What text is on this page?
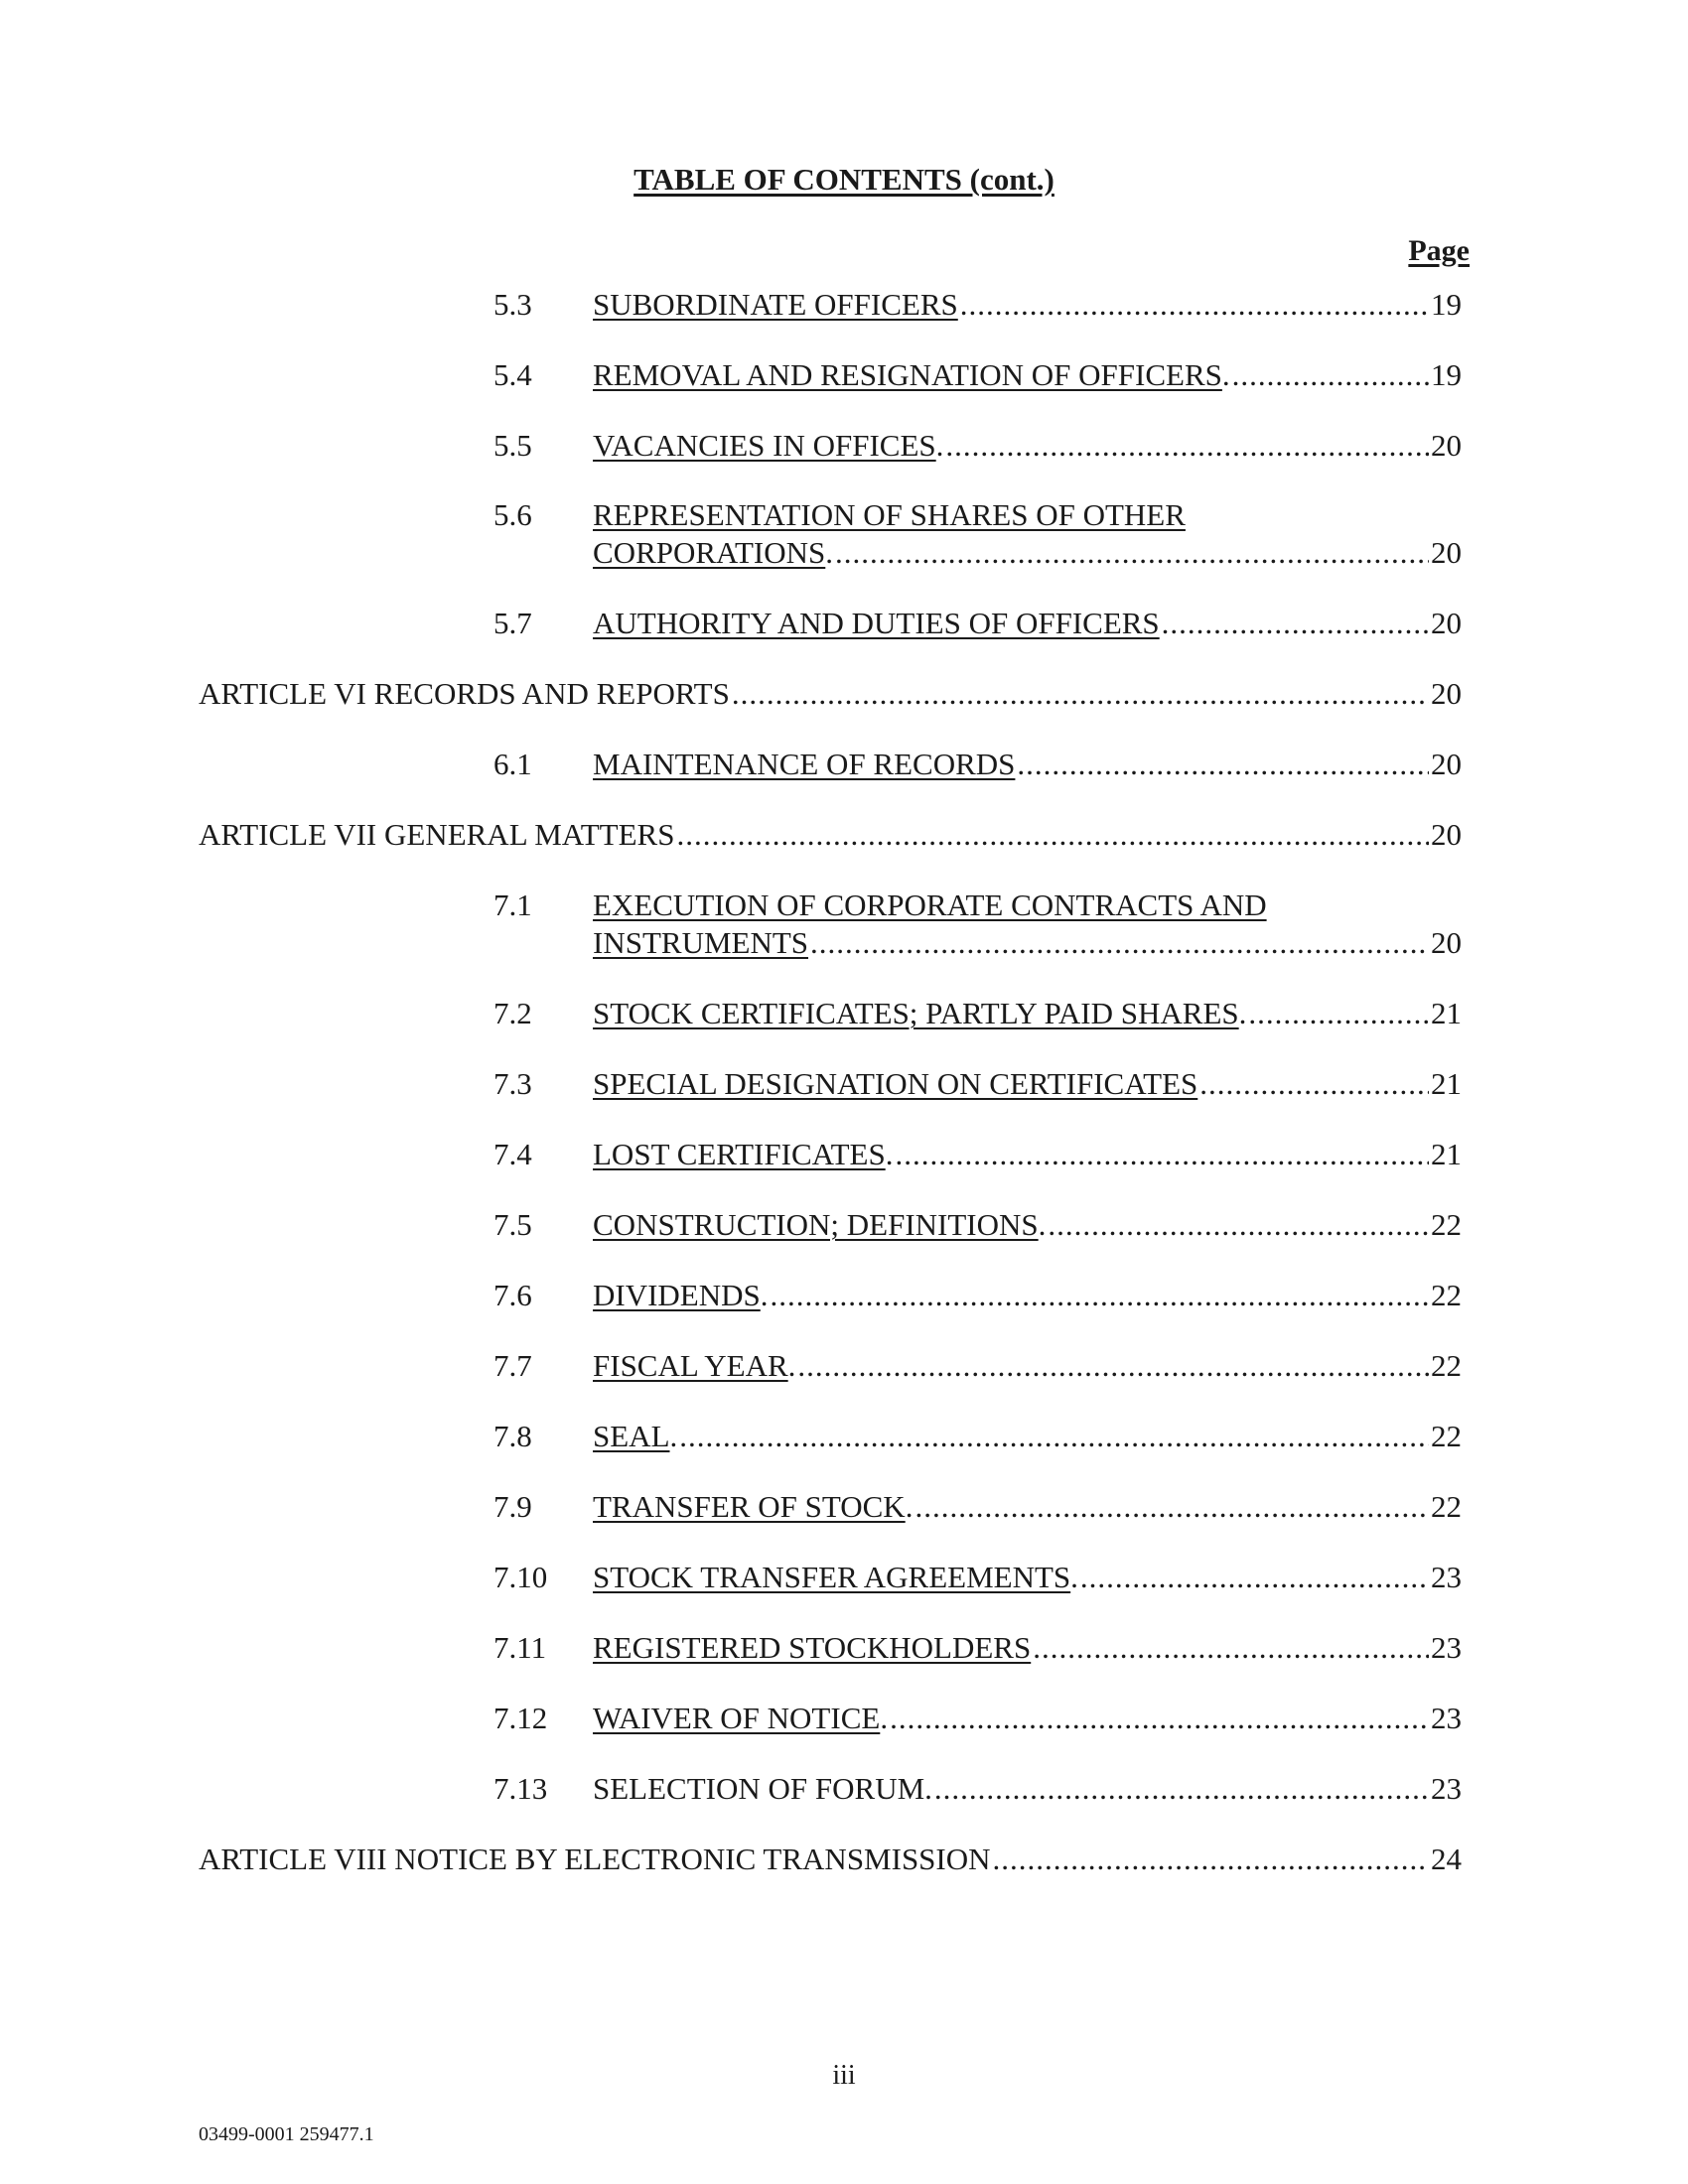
TABLE OF CONTENTS (cont.)
Page
5.3 SUBORDINATE OFFICERS .....	19
5.4 REMOVAL AND RESIGNATION OF OFFICERS . .....	19
5.5 VACANCIES IN OFFICES . .....	20
5.6 REPRESENTATION OF SHARES OF OTHER
CORPORATIONS . .....	20
5.7 AUTHORITY AND DUTIES OF OFFICERS .....	20
ARTICLE VI RECORDS AND REPORTS .....	20
6.1 MAINTENANCE OF RECORDS .....	20
ARTICLE VII GENERAL MATTERS .....	20
7.1 EXECUTION OF CORPORATE CONTRACTS AND
INSTRUMENTS .....	20
7.2 STOCK CERTIFICATES; PARTLY PAID SHARES . .....	21
7.3 SPECIAL DESIGNATION ON CERTIFICATES .....	21
7.4 LOST CERTIFICATES . .....	21
7.5 CONSTRUCTION; DEFINITIONS . .....	22
7.6 DIVIDENDS . .....	22
7.7 FISCAL YEAR . .....	22
7.8 SEAL . .....	22
7.9 TRANSFER OF STOCK . .....	22
7.10 STOCK TRANSFER AGREEMENTS . .....	23
7.11 REGISTERED STOCKHOLDERS .....	23
7.12 WAIVER OF NOTICE . .....	23
7.13 SELECTION OF FORUM. .....	23
ARTICLE VIII NOTICE BY ELECTRONIC TRANSMISSION .....	24
iii
03499-0001 259477.1
